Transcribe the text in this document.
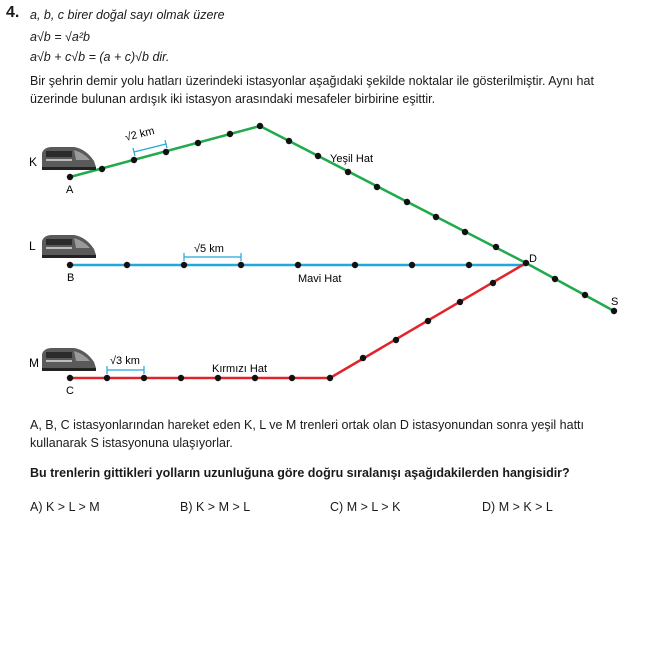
4. a, b, c birer doğal sayı olmak üzere
a√b = √a²b
a√b + c√b = (a + c)√b dir.
Bir şehrin demir yolu hatları üzerindeki istasyonlar aşağıdaki şekilde noktalar ile gösterilmiştir. Aynı hat üzerinde bulunan ardışık iki istasyon arasındaki mesafeler birbirine eşittir.
√2 km
√5 km
√3 km
Yeşil Hat
Mavi Hat
Kırmızı Hat
K
L
M
A
B
C
D
S
A, B, C istasyonlarından hareket eden K, L ve M trenleri ortak olan D istasyonundan sonra yeşil hattı kullanarak S istasyonuna ulaşıyorlar.
Bu trenlerin gittikleri yolların uzunluğuna göre doğru sıralanışı aşağıdakilerden hangisidir?
A) K > L > M	B) K > M > L	C) M > L > K	D) M > K > L
